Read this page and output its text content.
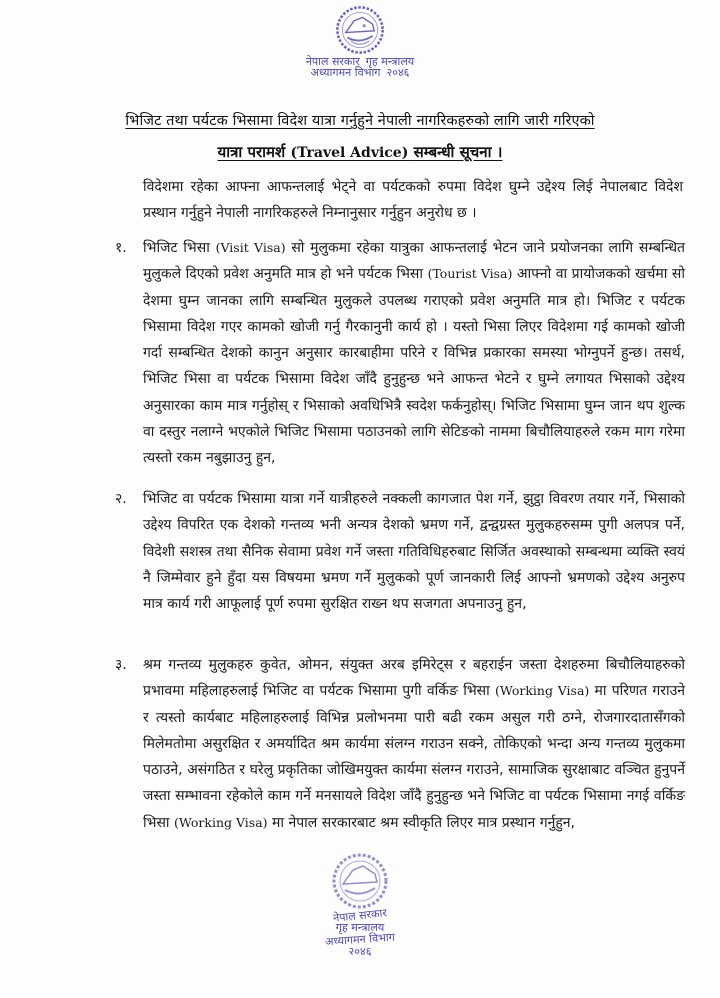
नेपाल सरकार गृह मन्त्रालय
अध्यागमन विभाग २०४६
भिजिट तथा पर्यटक भिसामा विदेश यात्रा गर्नुहुने नेपाली नागरिकहरुको लागि जारी गरिएको
यात्रा परामर्श (Travel Advice) सम्बन्धी सूचना ।
विदेशमा रहेका आफ्ना आफन्तलाई भेट्ने वा पर्यटकको रुपमा विदेश घुम्ने उद्देश्य लिई नेपालबाट विदेश प्रस्थान गर्नुहुने नेपाली नागरिकहरुले निम्नानुसार गर्नुहुन अनुरोध छ ।
१.	भिजिट भिसा (Visit Visa) सो मुलुकमा रहेका यात्रुका आफन्तलाई भेटन जाने प्रयोजनका लागि सम्बन्धित मुलुकले दिएको प्रवेश अनुमति मात्र हो भने पर्यटक भिसा (Tourist Visa) आफ्नो वा प्रायोजकको खर्चमा सो देशमा घुम्न जानका लागि सम्बन्धित मुलुकले उपलब्ध गराएको प्रवेश अनुमति मात्र हो। भिजिट र पर्यटक भिसामा विदेश गएर कामको खोजी गर्नु गैरकानुनी कार्य हो । यस्तो भिसा लिएर विदेशमा गई कामको खोजी गर्दा सम्बन्धित देशको कानुन अनुसार कारबाहीमा परिने र विभिन्न प्रकारका समस्या भोग्नुपर्ने हुन्छ। तसर्थ, भिजिट भिसा वा पर्यटक भिसामा विदेश जाँदै हुनुहुन्छ भने आफन्त भेटने र घुम्ने लगायत भिसाको उद्देश्य अनुसारका काम मात्र गर्नुहोस् र भिसाको अवधिभित्रै स्वदेश फर्कनुहोस्। भिजिट भिसामा घुम्न जान थप शुल्क वा दस्तुर नलाग्ने भएकोले भिजिट भिसामा पठाउनको लागि सेटिङको नाममा बिचौलियाहरुले रकम माग गरेमा त्यस्तो रकम नबुझाउनु हुन,
२.	भिजिट वा पर्यटक भिसामा यात्रा गर्ने यात्रीहरुले नक्कली कागजात पेश गर्ने, झुट्ठा विवरण तयार गर्ने, भिसाको उद्देश्य विपरित एक देशको गन्तव्य भनी अन्यत्र देशको भ्रमण गर्ने, द्वन्द्वग्रस्त मुलुकहरुसम्म पुगी अलपत्र पर्ने, विदेशी सशस्त्र तथा सैनिक सेवामा प्रवेश गर्ने जस्ता गतिविधिहरुबाट सिर्जित अवस्थाको सम्बन्धमा व्यक्ति स्वयं नै जिम्मेवार हुने हुँदा यस विषयमा भ्रमण गर्ने मुलुकको पूर्ण जानकारी लिई आफ्नो भ्रमणको उद्देश्य अनुरुप मात्र कार्य गरी आफूलाई पूर्ण रुपमा सुरक्षित राख्न थप सजगता अपनाउनु हुन,
३.	श्रम गन्तव्य मुलुकहरु कुवेत, ओमन, संयुक्त अरब इमिरेट्स र बहराईन जस्ता देशहरुमा बिचौलियाहरुको प्रभावमा महिलाहरुलाई भिजिट वा पर्यटक भिसामा पुगी वर्किङ भिसा (Working Visa) मा परिणत गराउने र त्यस्तो कार्यबाट महिलाहरुलाई विभिन्न प्रलोभनमा पारी बढी रकम असुल गरी ठग्ने, रोजगारदातासँगको मिलेमतोमा असुरक्षित र अमर्यादित श्रम कार्यमा संलग्न गराउन सक्ने, तोकिएको भन्दा अन्य गन्तव्य मुलुकमा पठाउने, असंगठित र घरेलु प्रकृतिका जोखिमयुक्त कार्यमा संलग्न गराउने, सामाजिक सुरक्षाबाट वञ्चित हुनुपर्ने जस्ता सम्भावना रहेकोले काम गर्ने मनसायले विदेश जाँदै हुनुहुन्छ भने भिजिट वा पर्यटक भिसामा नगई वर्किङ भिसा (Working Visa) मा नेपाल सरकारबाट श्रम स्वीकृति लिएर मात्र प्रस्थान गर्नुहुन,
नेपाल सरकार
गृह मन्त्रालय
अध्यागमन विभाग
२०४६
